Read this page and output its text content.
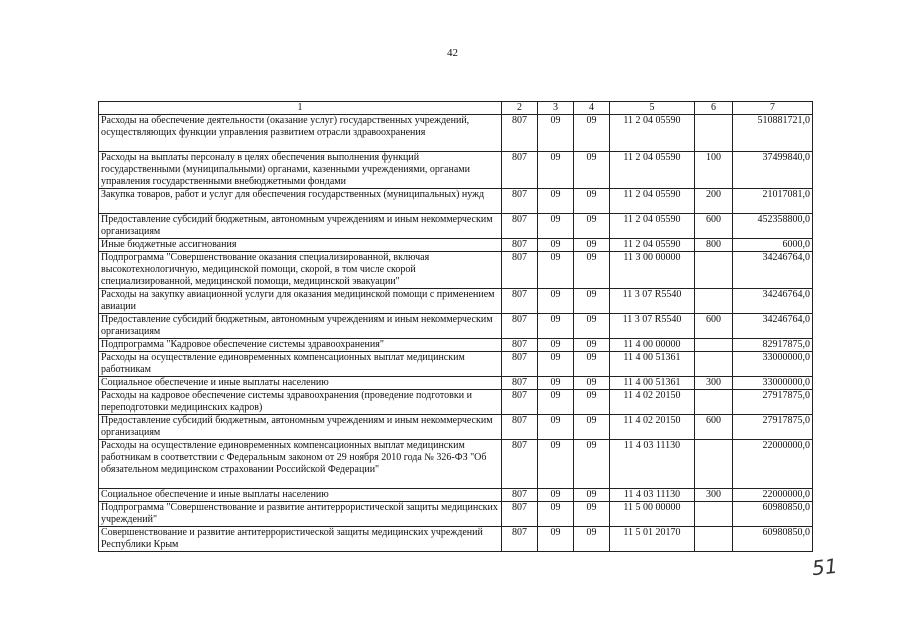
42
1	2	3	4	5	6	7
Расходы на обеспечение деятельности (оказание услуг) государственных учреждений, осуществляющих функции управления развитием отрасли здравоохранения	807	09	09	11 2 04 05590		510881721,0
Расходы на выплаты персоналу в целях обеспечения выполнения функций государственными (муниципальными) органами, казенными учреждениями, органами управления государственными внебюджетными фондами	807	09	09	11 2 04 05590	100	37499840,0
Закупка товаров, работ и услуг для обеспечения государственных (муниципальных) нужд	807	09	09	11 2 04 05590	200	21017081,0
Предоставление субсидий бюджетным, автономным учреждениям и иным некоммерческим организациям	807	09	09	11 2 04 05590	600	452358800,0
Иные бюджетные ассигнования	807	09	09	11 2 04 05590	800	6000,0
Подпрограмма "Совершенствование оказания специализированной, включая высокотехнологичную, медицинской помощи, скорой, в том числе скорой специализированной, медицинской помощи, медицинской эвакуации"	807	09	09	11 3 00 00000		34246764,0
Расходы на закупку авиационной услуги для оказания медицинской помощи с применением авиации	807	09	09	11 3 07 R5540		34246764,0
Предоставление субсидий бюджетным, автономным учреждениям и иным некоммерческим организациям	807	09	09	11 3 07 R5540	600	34246764,0
Подпрограмма "Кадровое обеспечение системы здравоохранения"	807	09	09	11 4 00 00000		82917875,0
Расходы на осуществление единовременных компенсационных выплат медицинским работникам	807	09	09	11 4 00 51361		33000000,0
Социальное обеспечение и иные выплаты населению	807	09	09	11 4 00 51361	300	33000000,0
Расходы на кадровое обеспечение системы здравоохранения (проведение подготовки и переподготовки медицинских кадров)	807	09	09	11 4 02 20150		27917875,0
Предоставление субсидий бюджетным, автономным учреждениям и иным некоммерческим организациям	807	09	09	11 4 02 20150	600	27917875,0
Расходы на осуществление единовременных компенсационных выплат медицинским работникам в соответствии с Федеральным законом от 29 ноября 2010 года № 326-ФЗ "Об обязательном медицинском страховании Российской Федерации"	807	09	09	11 4 03 11130		22000000,0
Социальное обеспечение и иные выплаты населению	807	09	09	11 4 03 11130	300	22000000,0
Подпрограмма "Совершенствование и развитие антитеррористической защиты медицинских учреждений"	807	09	09	11 5 00 00000		60980850,0
Совершенствование и развитие антитеррористической защиты медицинских учреждений Республики Крым	807	09	09	11 5 01 20170		60980850,0
51
